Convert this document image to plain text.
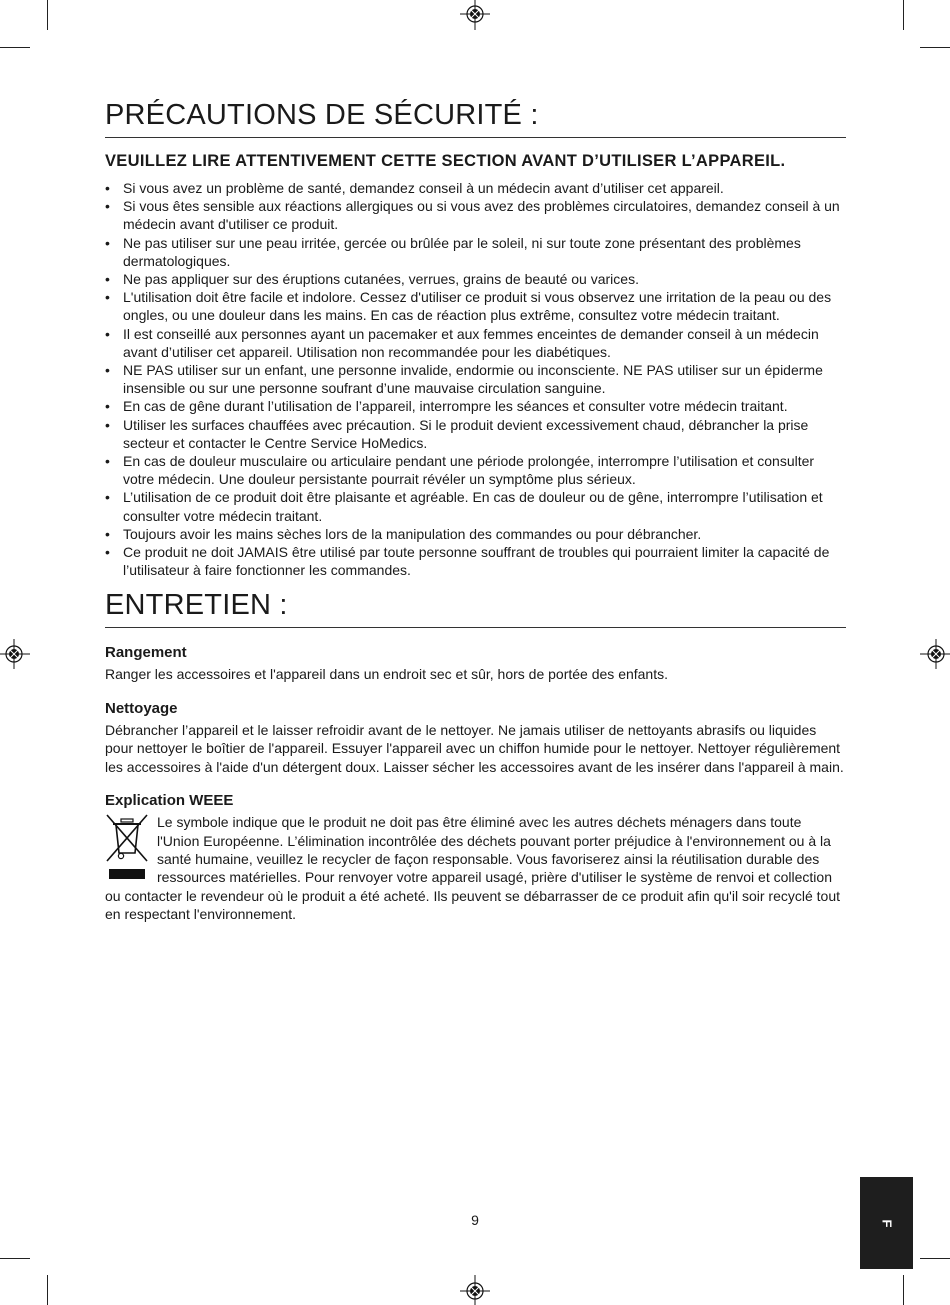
PRÉCAUTIONS DE SÉCURITÉ :
VEUILLEZ LIRE ATTENTIVEMENT CETTE SECTION AVANT D’UTILISER L’APPAREIL.
• Si vous avez un problème de santé, demandez conseil à un médecin avant d’utiliser cet appareil.
• Si vous êtes sensible aux réactions allergiques ou si vous avez des problèmes circulatoires, demandez conseil à un médecin avant d'utiliser ce produit.
• Ne pas utiliser sur une peau irritée, gercée ou brûlée par le soleil, ni sur toute zone présentant des problèmes dermatologiques.
• Ne pas appliquer sur des éruptions cutanées, verrues, grains de beauté ou varices.
• L'utilisation doit être facile et indolore. Cessez d'utiliser ce produit si vous observez une irritation de la peau ou des ongles, ou une douleur dans les mains. En cas de réaction plus extrême, consultez votre médecin traitant.
• Il est conseillé aux personnes ayant un pacemaker et aux femmes enceintes de demander conseil à un médecin avant d’utiliser cet appareil. Utilisation non recommandée pour les diabétiques.
• NE PAS utiliser sur un enfant, une personne invalide, endormie ou inconsciente. NE PAS utiliser sur un épiderme insensible ou sur une personne soufrant d’une mauvaise circulation sanguine.
• En cas de gêne durant l’utilisation de l’appareil, interrompre les séances et consulter votre médecin traitant.
• Utiliser les surfaces chauffées avec précaution. Si le produit devient excessivement chaud, débrancher la prise secteur et contacter le Centre Service HoMedics.
• En cas de douleur musculaire ou articulaire pendant une période prolongée, interrompre l’utilisation et consulter votre médecin. Une douleur persistante pourrait révéler un symptôme plus sérieux.
• L’utilisation de ce produit doit être plaisante et agréable. En cas de douleur ou de gêne, interrompre l’utilisation et consulter votre médecin traitant.
• Toujours avoir les mains sèches lors de la manipulation des commandes ou pour débrancher.
• Ce produit ne doit JAMAIS être utilisé par toute personne souffrant de troubles qui pourraient limiter la capacité de l’utilisateur à faire fonctionner les commandes.
ENTRETIEN :
Rangement

Ranger les accessoires et l'appareil dans un endroit sec et sûr, hors de portée des enfants.

Nettoyage

Débrancher l’appareil et le laisser refroidir avant de le nettoyer. Ne jamais utiliser de nettoyants abrasifs ou liquides pour nettoyer le boîtier de l'appareil. Essuyer l'appareil avec un chiffon humide pour le nettoyer. Nettoyer régulièrement les accessoires à l'aide d'un détergent doux. Laisser sécher les accessoires avant de les insérer dans l'appareil à main.

Explication WEEE

Le symbole indique que le produit ne doit pas être éliminé avec les autres déchets ménagers dans toute l'Union Européenne. L’élimination incontrôlée des déchets pouvant porter préjudice à l'environnement ou à la santé humaine, veuillez le recycler de façon responsable. Vous favoriserez ainsi la réutilisation durable des ressources matérielles. Pour renvoyer votre appareil usagé, prière d'utiliser le système de renvoi et collection ou contacter le revendeur où le produit a été acheté. Ils peuvent se débarrasser de ce produit afin qu'il soir recyclé tout en respectant l'environnement.

9	F
